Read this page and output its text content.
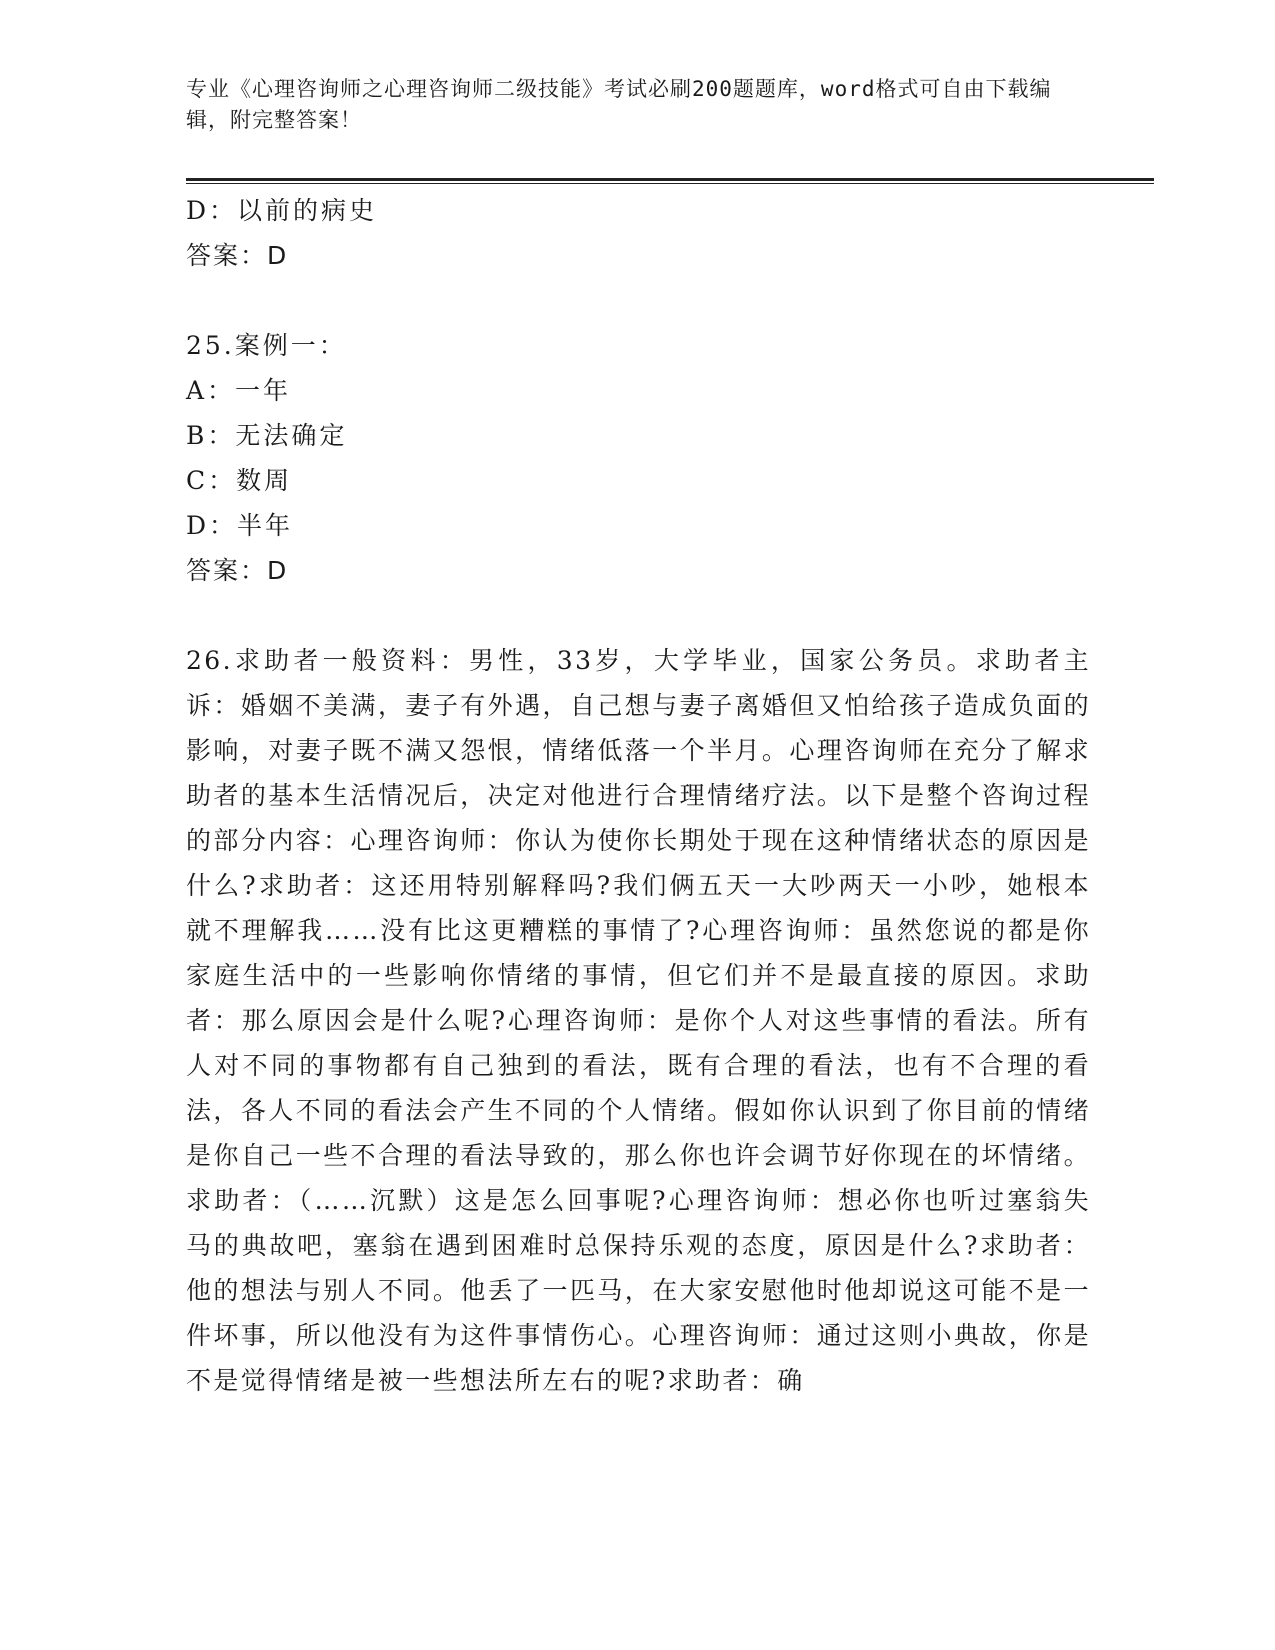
专业《心理咨询师之心理咨询师二级技能》考试必刷200题题库，word格式可自由下载编辑，附完整答案！
D：以前的病史
答案：D
25.案例一：
A：一年
B：无法确定
C：数周
D：半年
答案：D
26.求助者一般资料：男性，33岁，大学毕业，国家公务员。求助者主诉：婚姻不美满，妻子有外遇，自己想与妻子离婚但又怕给孩子造成负面的影响，对妻子既不满又怨恨，情绪低落一个半月。心理咨询师在充分了解求助者的基本生活情况后，决定对他进行合理情绪疗法。以下是整个咨询过程的部分内容：心理咨询师：你认为使你长期处于现在这种情绪状态的原因是什么?求助者：这还用特别解释吗?我们俩五天一大吵两天一小吵，她根本就不理解我……没有比这更糟糕的事情了?心理咨询师：虽然您说的都是你家庭生活中的一些影响你情绪的事情，但它们并不是最直接的原因。求助者：那么原因会是什么呢?心理咨询师：是你个人对这些事情的看法。所有人对不同的事物都有自己独到的看法，既有合理的看法，也有不合理的看法，各人不同的看法会产生不同的个人情绪。假如你认识到了你目前的情绪是你自己一些不合理的看法导致的，那么你也许会调节好你现在的坏情绪。求助者：（……沉默）这是怎么回事呢?心理咨询师：想必你也听过塞翁失马的典故吧，塞翁在遇到困难时总保持乐观的态度，原因是什么?求助者：他的想法与别人不同。他丢了一匹马，在大家安慰他时他却说这可能不是一件坏事，所以他没有为这件事情伤心。心理咨询师：通过这则小典故，你是不是觉得情绪是被一些想法所左右的呢?求助者：确
